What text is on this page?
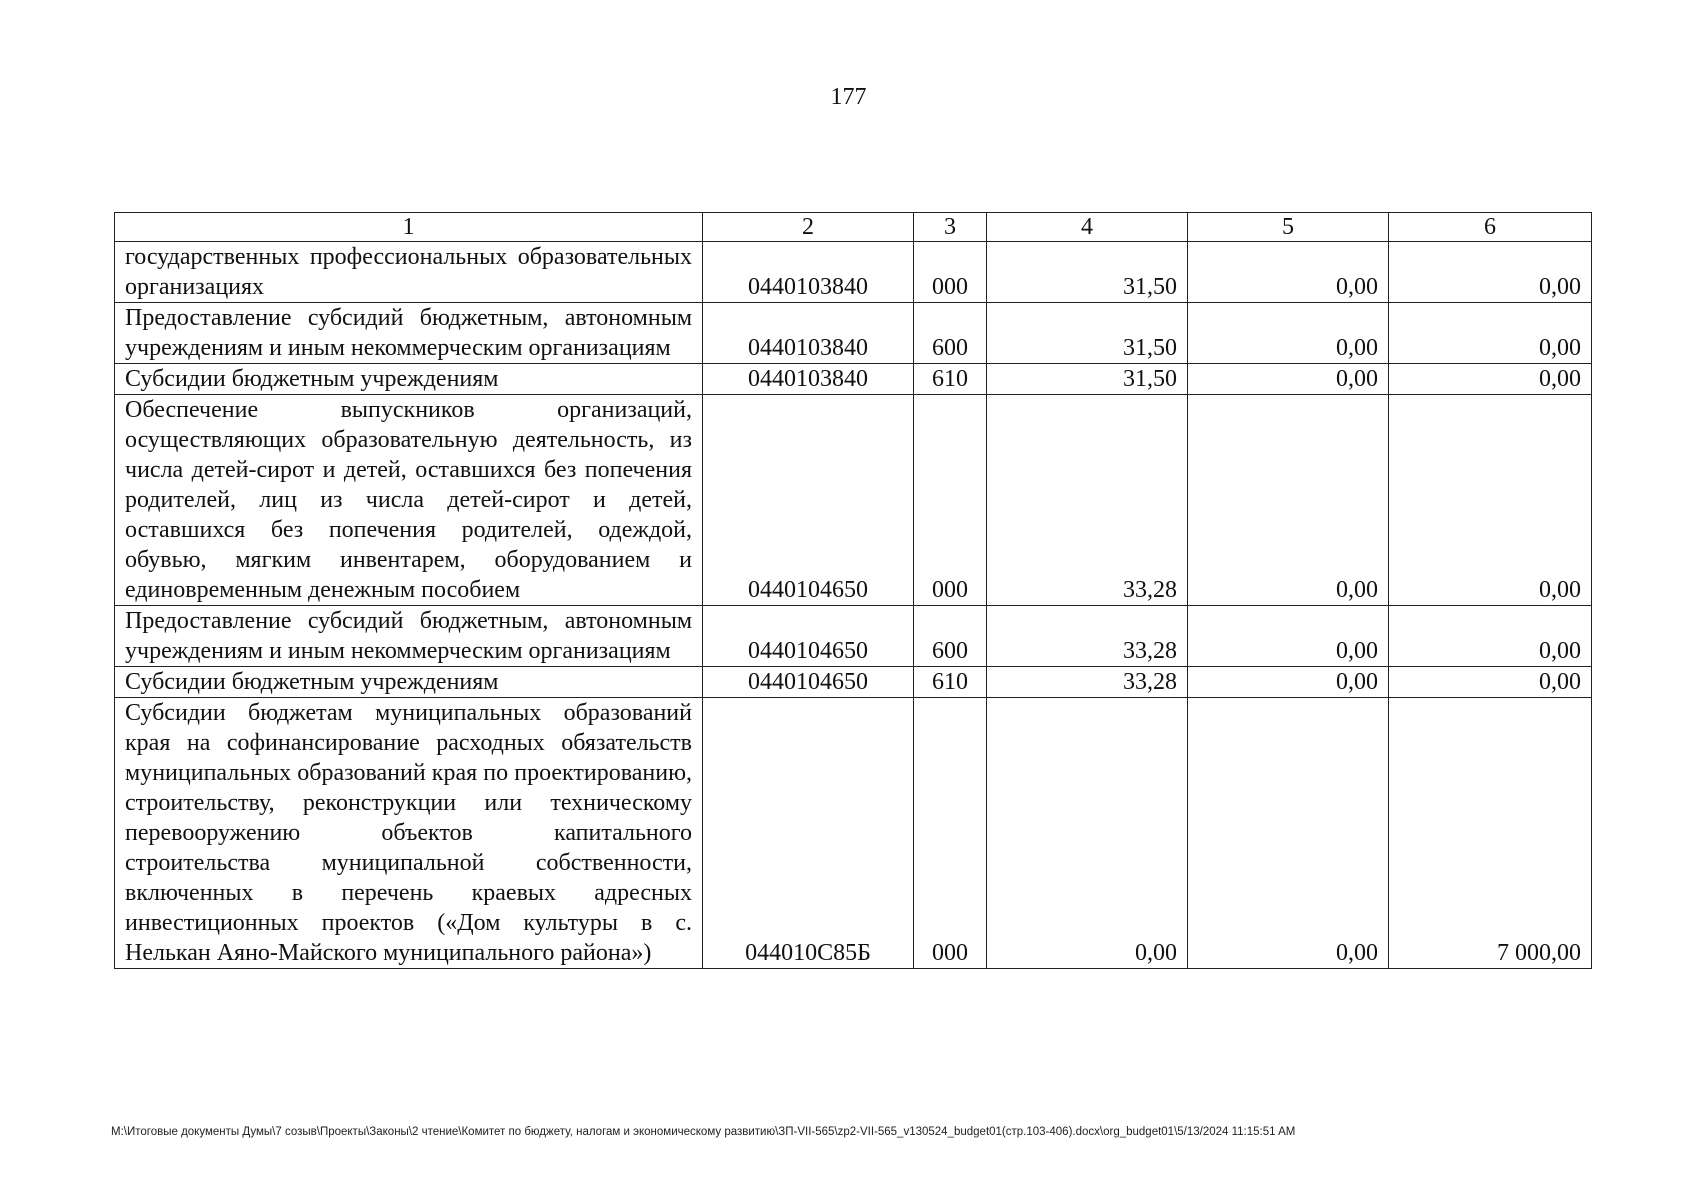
177
1	2	3	4	5	6
государственных профессиональных образовательных организациях	0440103840	000	31,50	0,00	0,00
Предоставление субсидий бюджетным, автономным учреждениям и иным некоммерческим организациям	0440103840	600	31,50	0,00	0,00
Субсидии бюджетным учреждениям	0440103840	610	31,50	0,00	0,00
Обеспечение выпускников организаций, осуществляющих образовательную деятельность, из числа детей-сирот и детей, оставшихся без попечения родителей, лиц из числа детей-сирот и детей, оставшихся без попечения родителей, одеждой, обувью, мягким инвентарем, оборудованием и единовременным денежным пособием	0440104650	000	33,28	0,00	0,00
Предоставление субсидий бюджетным, автономным учреждениям и иным некоммерческим организациям	0440104650	600	33,28	0,00	0,00
Субсидии бюджетным учреждениям	0440104650	610	33,28	0,00	0,00
Субсидии бюджетам муниципальных образований края на софинансирование расходных обязательств муниципальных образований края по проектированию, строительству, реконструкции или техническому перевооружению объектов капитального строительства муниципальной собственности, включенных в перечень краевых адресных инвестиционных проектов («Дом культуры в с. Нелькан Аяно-Майского муниципального района»)	044010С85Б	000	0,00	0,00	7 000,00
M:\Итоговые документы Думы\7 созыв\Проекты\Законы\2 чтение\Комитет по бюджету, налогам и экономическому развитию\ЗП-VII-565\zp2-VII-565_v130524_budget01(стр.103-406).docx\org_budget01\5/13/2024 11:15:51 AM
